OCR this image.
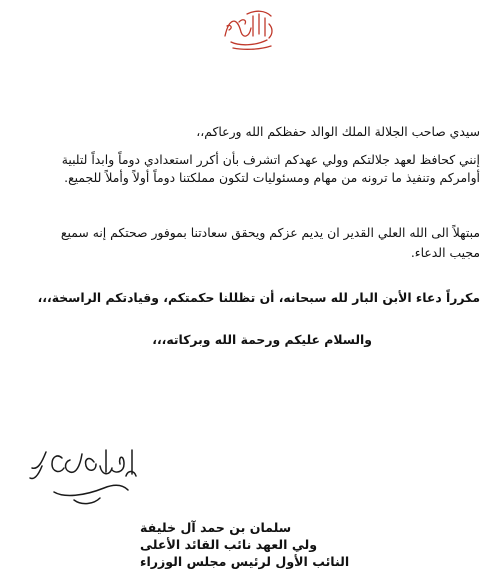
سيدي صاحب الجلالة الملك الوالد حفظكم الله ورعاكم،،
إنني كحافظ لعهد جلالتكم وولي عهدكم اتشرف بأن أكرر استعدادي دوماً وابداً لتلبية
أوامركم وتنفيذ ما ترونه من مهام ومسئوليات لتكون مملكتنا دوماً أولاً وأملاً للجميع.
مبتهلاً الى الله العلي القدير ان يديم عزكم ويحقق سعادتنا بموفور صحتكم إنه سميع
مجيب الدعاء.
مكرراً دعاء الأبن البار لله سبحانه، أن تظللنا حكمتكم، وقيادتكم الراسخة،،،
والسلام عليكم ورحمة الله وبركاته،،،
سلمان بن حمد آل خليفة
ولي العهد نائب القائد الأعلى
النائب الأول لرئيس مجلس الوزراء
